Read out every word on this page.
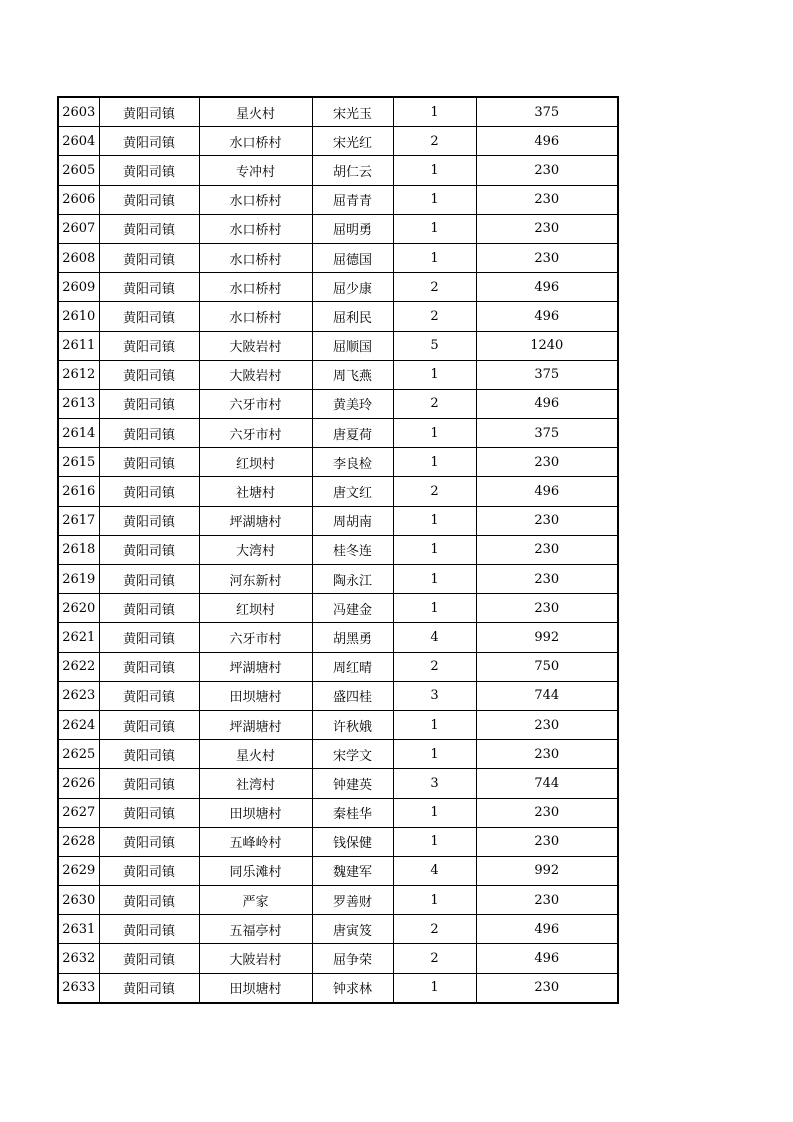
2603	黄阳司镇	星火村	宋光玉	1	375
2604	黄阳司镇	水口桥村	宋光红	2	496
2605	黄阳司镇	专冲村	胡仁云	1	230
2606	黄阳司镇	水口桥村	屈青青	1	230
2607	黄阳司镇	水口桥村	屈明勇	1	230
2608	黄阳司镇	水口桥村	屈德国	1	230
2609	黄阳司镇	水口桥村	屈少康	2	496
2610	黄阳司镇	水口桥村	屈利民	2	496
2611	黄阳司镇	大陂岩村	屈顺国	5	1240
2612	黄阳司镇	大陂岩村	周飞燕	1	375
2613	黄阳司镇	六牙市村	黄美玲	2	496
2614	黄阳司镇	六牙市村	唐夏荷	1	375
2615	黄阳司镇	红坝村	李良检	1	230
2616	黄阳司镇	社塘村	唐文红	2	496
2617	黄阳司镇	坪湖塘村	周胡南	1	230
2618	黄阳司镇	大湾村	桂冬连	1	230
2619	黄阳司镇	河东新村	陶永江	1	230
2620	黄阳司镇	红坝村	冯建金	1	230
2621	黄阳司镇	六牙市村	胡黑勇	4	992
2622	黄阳司镇	坪湖塘村	周红晴	2	750
2623	黄阳司镇	田坝塘村	盛四桂	3	744
2624	黄阳司镇	坪湖塘村	许秋娥	1	230
2625	黄阳司镇	星火村	宋学文	1	230
2626	黄阳司镇	社湾村	钟建英	3	744
2627	黄阳司镇	田坝塘村	秦桂华	1	230
2628	黄阳司镇	五峰岭村	钱保健	1	230
2629	黄阳司镇	同乐滩村	魏建军	4	992
2630	黄阳司镇	严家	罗善财	1	230
2631	黄阳司镇	五福亭村	唐寅笈	2	496
2632	黄阳司镇	大陂岩村	屈争荣	2	496
2633	黄阳司镇	田坝塘村	钟求林	1	230
